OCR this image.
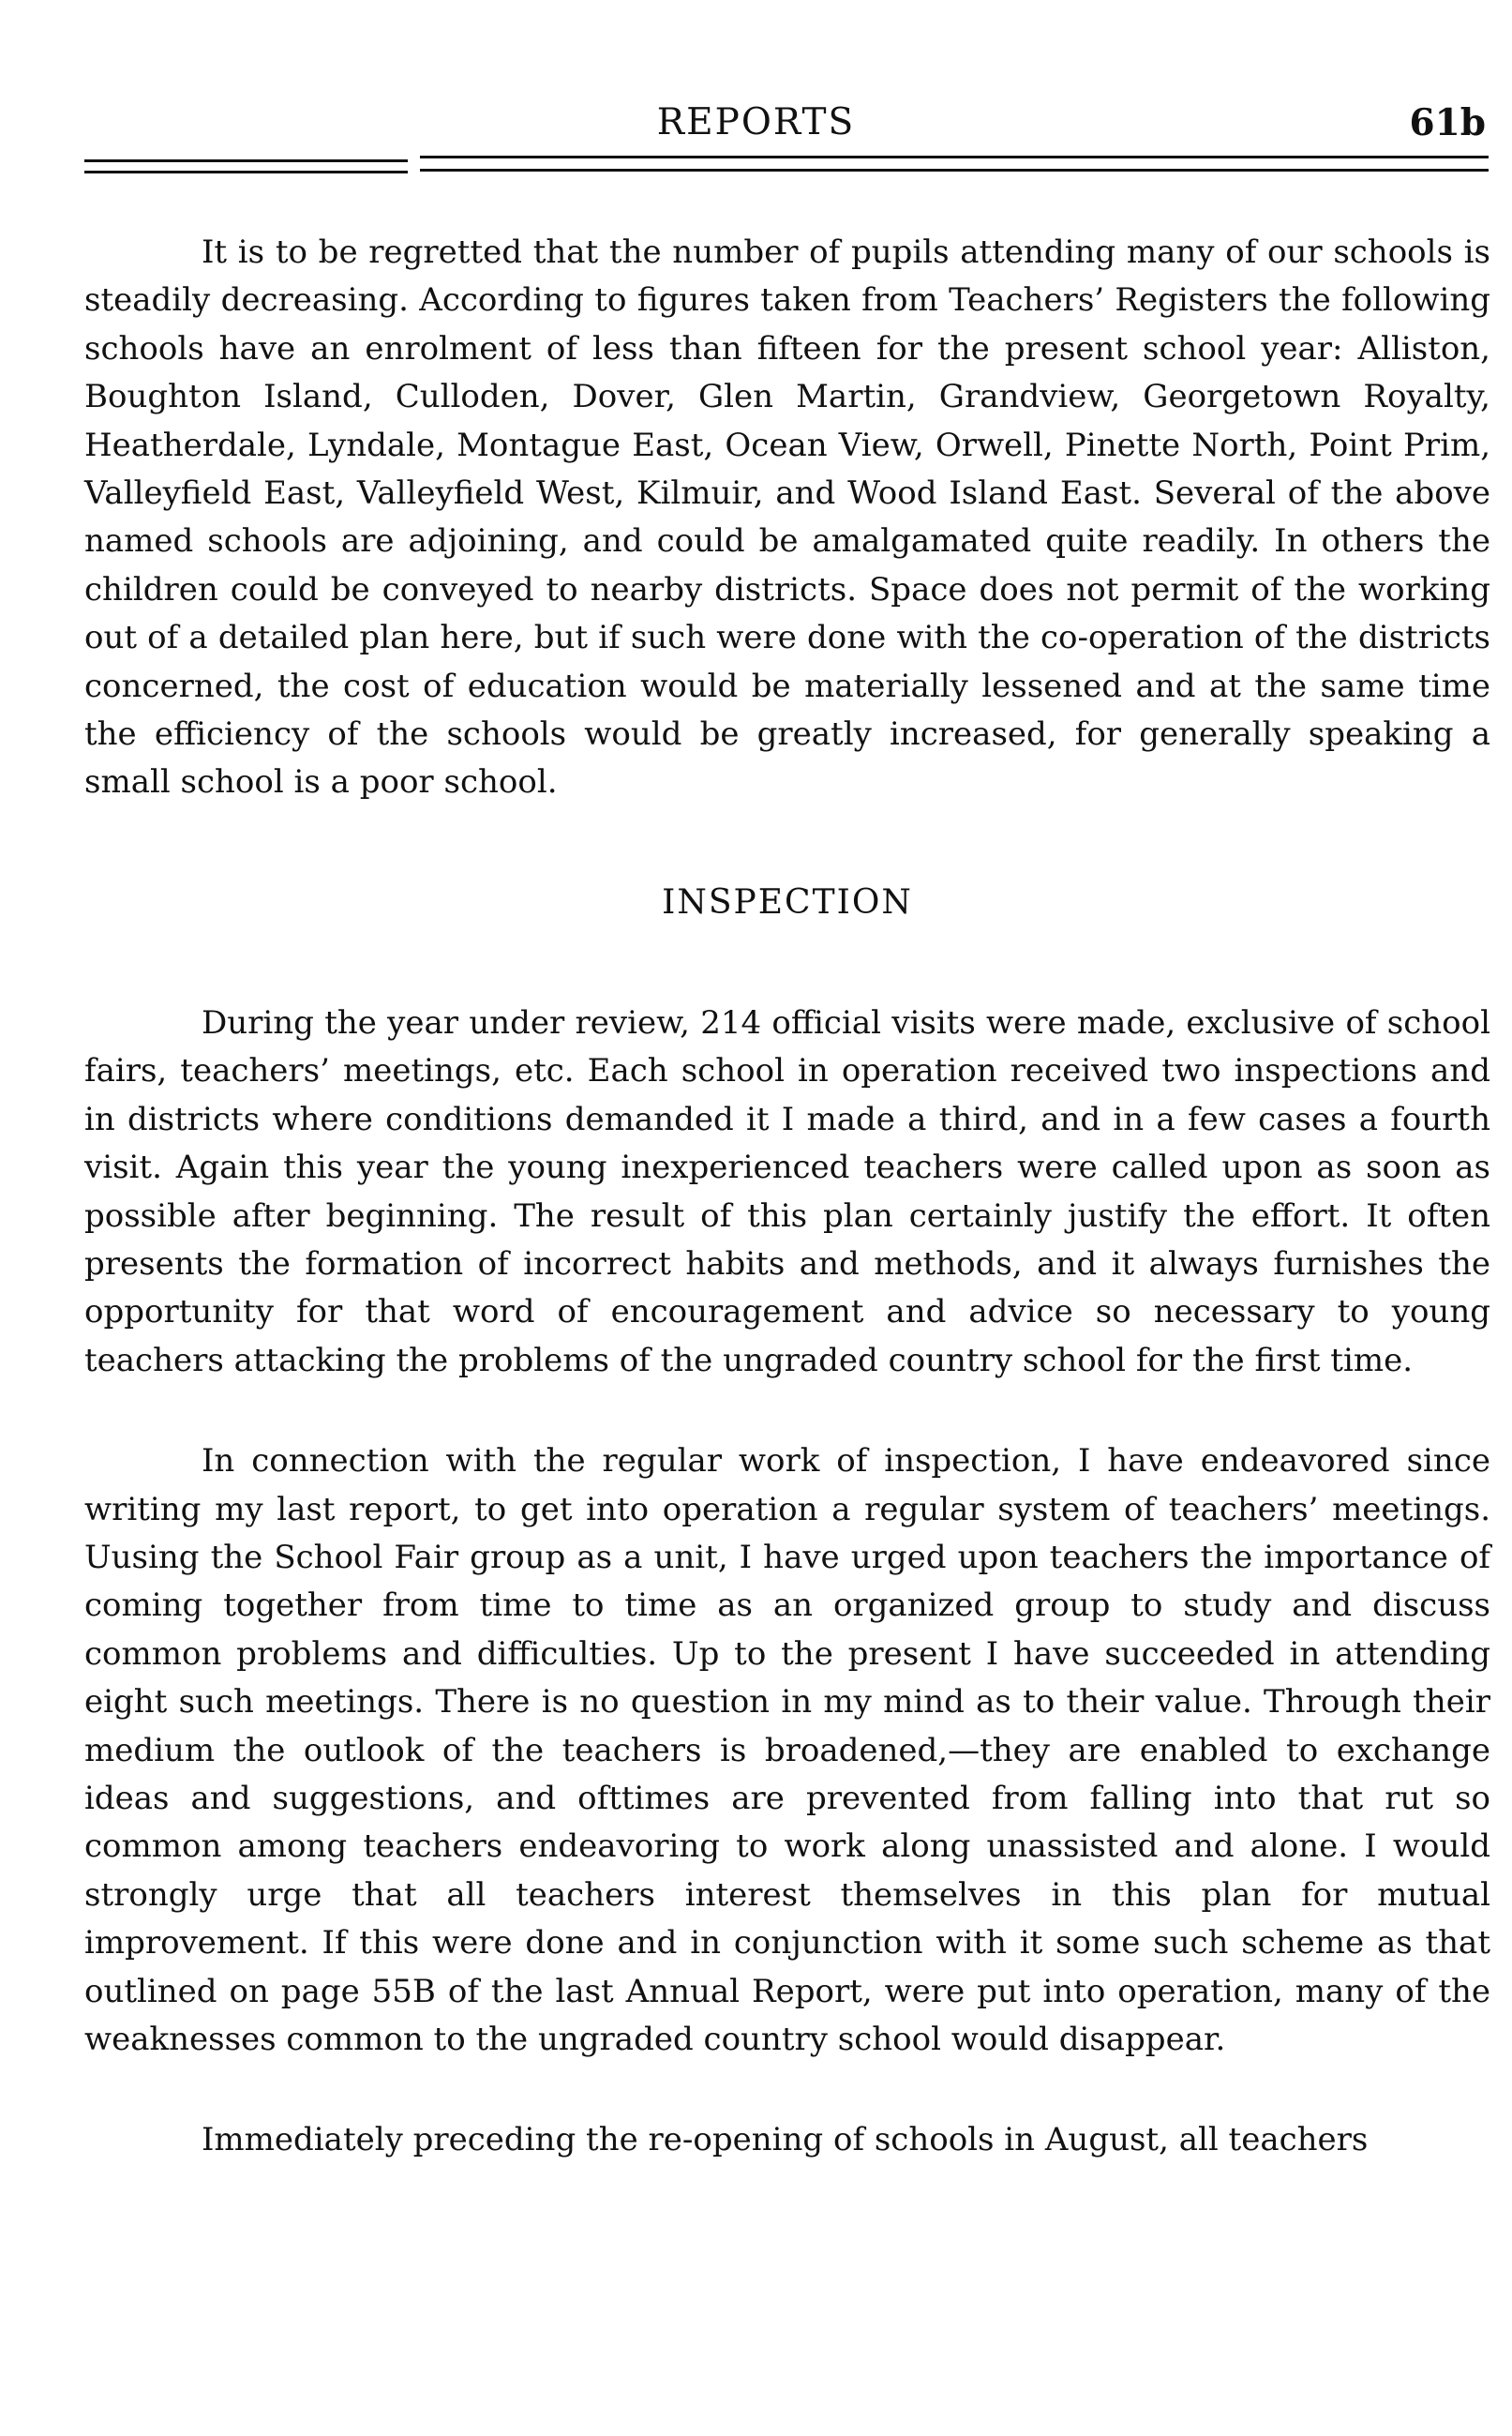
REPORTS	61b

It is to be regretted that the number of pupils attending many of our schools is steadily decreasing. According to figures taken from Teachers’ Registers the following schools have an enrolment of less than fifteen for the present school year: Alliston, Boughton Island, Culloden, Dover, Glen Martin, Grandview, Georgetown Royalty, Heatherdale, Lyndale, Montague East, Ocean View, Orwell, Pinette North, Point Prim, Valleyfield East, Valleyfield West, Kilmuir, and Wood Island East. Several of the above named schools are adjoining, and could be amalgamated quite readily. In others the children could be conveyed to nearby districts. Space does not permit of the working out of a detailed plan here, but if such were done with the co-operation of the districts concerned, the cost of education would be materially lessened and at the same time the efficiency of the schools would be greatly increased, for generally speaking a small school is a poor school.

INSPECTION

During the year under review, 214 official visits were made, exclusive of school fairs, teachers’ meetings, etc. Each school in operation received two inspections and in districts where conditions demanded it I made a third, and in a few cases a fourth visit. Again this year the young inexperienced teachers were called upon as soon as possible after beginning. The result of this plan certainly justify the effort. It often presents the formation of incorrect habits and methods, and it always furnishes the opportunity for that word of encouragement and advice so necessary to young teachers attacking the problems of the ungraded country school for the first time.

In connection with the regular work of inspection, I have endeavored since writing my last report, to get into operation a regular system of teachers’ meetings. Uusing the School Fair group as a unit, I have urged upon teachers the importance of coming together from time to time as an organized group to study and discuss common problems and difficulties. Up to the present I have succeeded in attending eight such meetings. There is no question in my mind as to their value. Through their medium the outlook of the teachers is broadened,—they are enabled to exchange ideas and suggestions, and ofttimes are prevented from falling into that rut so common among teachers endeavoring to work along unassisted and alone. I would strongly urge that all teachers interest themselves in this plan for mutual improvement. If this were done and in conjunction with it some such scheme as that outlined on page 55B of the last Annual Report, were put into operation, many of the weaknesses common to the ungraded country school would disappear.

Immediately preceding the re-opening of schools in August, all teachers
